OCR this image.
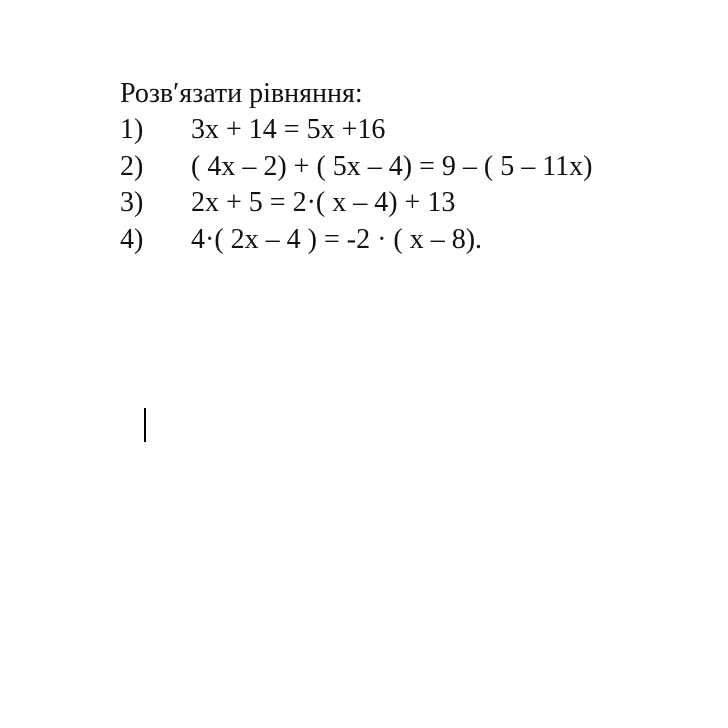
Розв′язати рівняння:

1)	3x + 14 = 5x +16
2)	( 4x – 2) + ( 5x – 4) = 9 – ( 5 – 11x)
3)	2x + 5 = 2·( x – 4) + 13
4)	4·( 2x – 4 ) = -2 · ( x – 8).
